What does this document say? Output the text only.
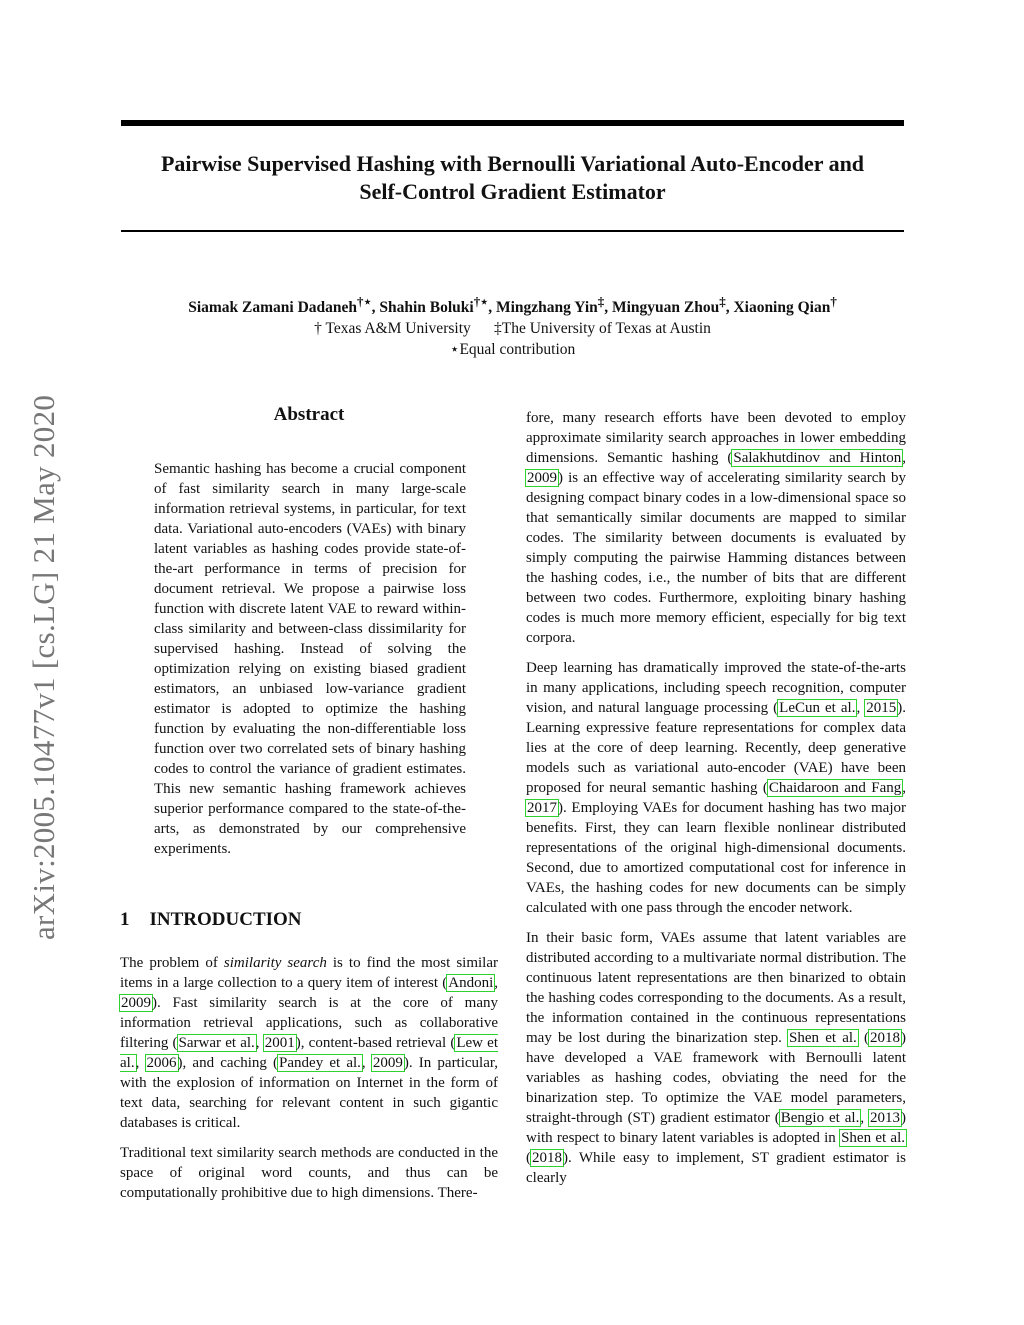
Pairwise Supervised Hashing with Bernoulli Variational Auto-Encoder and
Self-Control Gradient Estimator
Siamak Zamani Dadaneh†⋆, Shahin Boluki†⋆, Mingzhang Yin‡, Mingyuan Zhou‡, Xiaoning Qian†
† Texas A&M University ‡The University of Texas at Austin
⋆Equal contribution
arXiv:2005.10477v1 [cs.LG] 21 May 2020	Abstract
Semantic hashing has become a crucial component of fast similarity search in many large-scale information retrieval systems, in particular, for text data. Variational auto-encoders (VAEs) with binary latent variables as hashing codes provide state-of-the-art performance in terms of precision for document retrieval. We propose a pairwise loss function with discrete latent VAE to reward within-class similarity and between-class dissimilarity for supervised hashing. Instead of solving the optimization relying on existing biased gradient estimators, an unbiased low-variance gradient estimator is adopted to optimize the hashing function by evaluating the non-differentiable loss function over two correlated sets of binary hashing codes to control the variance of gradient estimates. This new semantic hashing framework achieves superior performance compared to the state-of-the-arts, as demonstrated by our comprehensive experiments.
1 INTRODUCTION

The problem of similarity search is to find the most similar items in a large collection to a query item of interest (Andoni, 2009). Fast similarity search is at the core of many information retrieval applications, such as collaborative filtering (Sarwar et al., 2001), content-based retrieval (Lew et al., 2006), and caching (Pandey et al., 2009). In particular, with the explosion of information on Internet in the form of text data, searching for relevant content in such gigantic databases is critical.

Traditional text similarity search methods are conducted in the space of original word counts, and thus can be computationally prohibitive due to high dimensions. There-

fore, many research efforts have been devoted to employ approximate similarity search approaches in lower embedding dimensions. Semantic hashing (Salakhutdinov and Hinton, 2009) is an effective way of accelerating similarity search by designing compact binary codes in a low-dimensional space so that semantically similar documents are mapped to similar codes. The similarity between documents is evaluated by simply computing the pairwise Hamming distances between the hashing codes, i.e., the number of bits that are different between two codes. Furthermore, exploiting binary hashing codes is much more memory efficient, especially for big text corpora.

Deep learning has dramatically improved the state-of-the-arts in many applications, including speech recognition, computer vision, and natural language processing (LeCun et al., 2015). Learning expressive feature representations for complex data lies at the core of deep learning. Recently, deep generative models such as variational auto-encoder (VAE) have been proposed for neural semantic hashing (Chaidaroon and Fang, 2017). Employing VAEs for document hashing has two major benefits. First, they can learn flexible nonlinear distributed representations of the original high-dimensional documents. Second, due to amortized computational cost for inference in VAEs, the hashing codes for new documents can be simply calculated with one pass through the encoder network.

In their basic form, VAEs assume that latent variables are distributed according to a multivariate normal distribution. The continuous latent representations are then binarized to obtain the hashing codes corresponding to the documents. As a result, the information contained in the continuous representations may be lost during the binarization step. Shen et al. (2018) have developed a VAE framework with Bernoulli latent variables as hashing codes, obviating the need for the binarization step. To optimize the VAE model parameters, straight-through (ST) gradient estimator (Bengio et al., 2013) with respect to binary latent variables is adopted in Shen et al. (2018). While easy to implement, ST gradient estimator is clearly
